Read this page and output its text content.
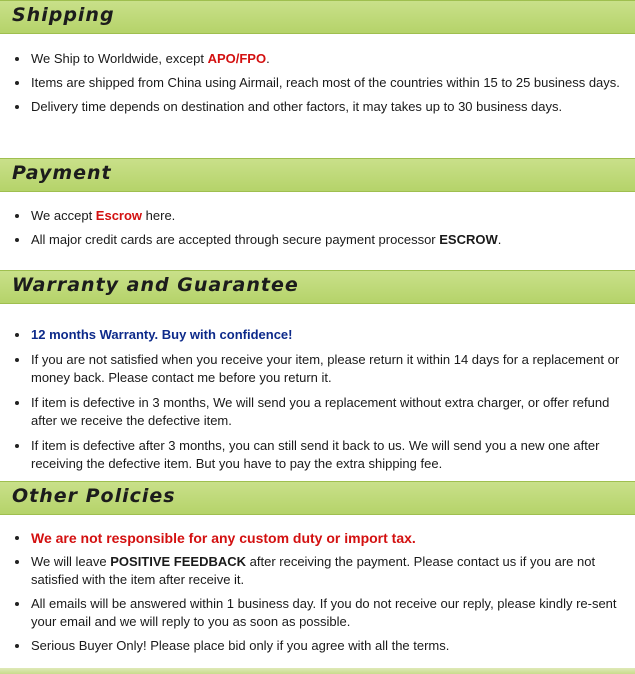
Shipping
We Ship to Worldwide, except APO/FPO.
Items are shipped from China using Airmail, reach most of the countries within 15 to 25 business days.
Delivery time depends on destination and other factors, it may takes up to 30 business days.
Payment
We accept Escrow here.
All major credit cards are accepted through secure payment processor ESCROW.
Warranty and Guarantee
12 months Warranty. Buy with confidence!
If you are not satisfied when you receive your item, please return it within 14 days for a replacement or money back. Please contact me before you return it.
If item is defective in 3 months, We will send you a replacement without extra charger, or offer refund after we receive the defective item.
If item is defective after 3 months, you can still send it back to us. We will send you a new one after receiving the defective item. But you have to pay the extra shipping fee.
Other Policies
We are not responsible for any custom duty or import tax.
We will leave POSITIVE FEEDBACK after receiving the payment. Please contact us if you are not satisfied with the item after receive it.
All emails will be answered within 1 business day. If you do not receive our reply, please kindly re-sent your email and we will reply to you as soon as possible.
Serious Buyer Only! Please place bid only if you agree with all the terms.
